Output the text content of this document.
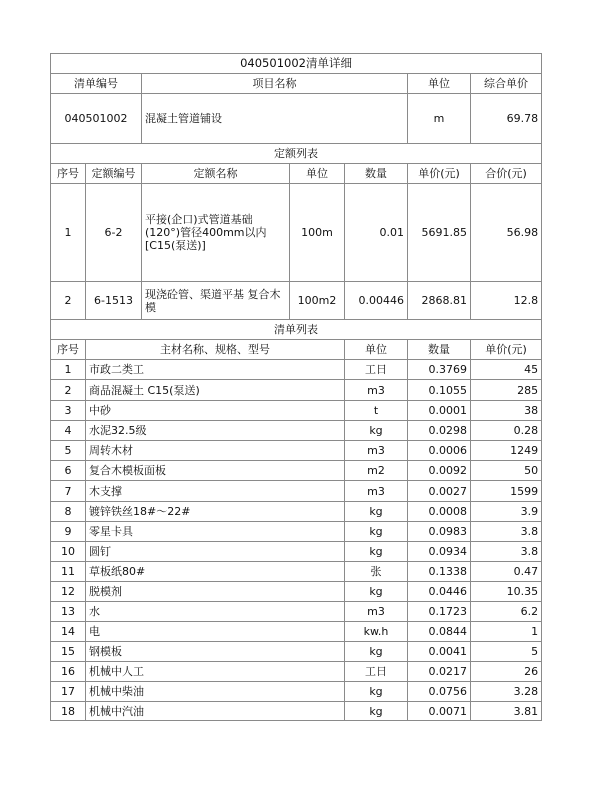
040501002清单详细							
清单编号		项目名称			单位	综合单价	
040501002		混凝土管道铺设			m	69.78	
定额列表							
序号	定额编号	定额名称	单位	数量	单价(元)	合价(元)	
1	6-2	平接(企口)式管道基础(120°)管径400mm以内[C15(泵送)]	100m	0.01	5691.85	56.98	
2	6-1513	现浇砼管、渠道平基 复合木模	100m2	0.00446	2868.81	12.8	
清单列表							
序号	主材名称、规格、型号			单位	数量	单价(元)	
1	市政二类工			工日	0.3769	45	
2	商品混凝土 C15(泵送)			m3	0.1055	285	
3	中砂			t	0.0001	38	
4	水泥32.5级			kg	0.0298	0.28	
5	周转木材			m3	0.0006	1249	
6	复合木模板面板			m2	0.0092	50	
7	木支撑			m3	0.0027	1599	
8	镀锌铁丝18#～22#			kg	0.0008	3.9	
9	零星卡具			kg	0.0983	3.8	
10	圆钉			kg	0.0934	3.8	
11	草板纸80#			张	0.1338	0.47	
12	脱模剂			kg	0.0446	10.35	
13	水			m3	0.1723	6.2	
14	电			kw.h	0.0844	1	
15	钢模板			kg	0.0041	5	
16	机械中人工			工日	0.0217	26	
17	机械中柴油			kg	0.0756	3.28	
18	机械中汽油			kg	0.0071	3.81	
